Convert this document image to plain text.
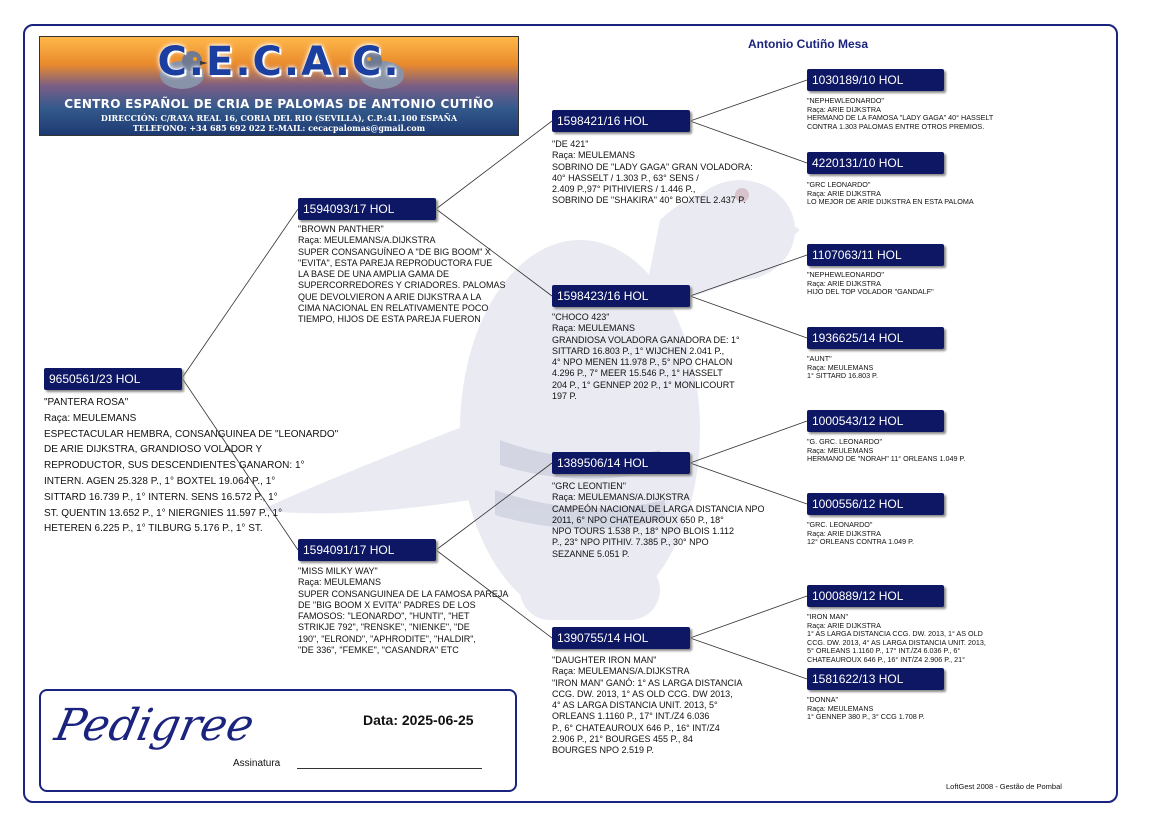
C.E.C.A.C.
CENTRO ESPAÑOL DE CRIA DE PALOMAS DE ANTONIO CUTIÑO
DIRECCIÓN: C/RAYA REAL 16, CORIA DEL RIO (SEVILLA), C.P.:41.100 ESPAÑA
TELEFONO: +34 685 692 022 E-MAIL: cecacpalomas@gmail.com
Antonio Cutiño Mesa
9650561/23 HOL
"PANTERA ROSA"
Raça: MEULEMANS
ESPECTACULAR HEMBRA, CONSANGUINEA DE "LEONARDO"
DE ARIE DIJKSTRA, GRANDIOSO VOLADOR Y
REPRODUCTOR, SUS DESCENDIENTES GANARON: 1°
INTERN. AGEN 25.328 P., 1° BOXTEL 19.064 P., 1°
SITTARD 16.739 P., 1° INTERN. SENS 16.572 P., 1°
ST. QUENTIN 13.652 P., 1° NIERGNIES 11.597 P., 1°
HETEREN 6.225 P., 1° TILBURG 5.176 P., 1° ST.
1594093/17 HOL
"BROWN PANTHER"
Raça: MEULEMANS/A.DIJKSTRA
SUPER CONSANGUÍNEO A "DE BIG BOOM" X
"EVITA", ESTA PAREJA REPRODUCTORA FUE
LA BASE DE UNA AMPLIA GAMA DE
SUPERCORREDORES Y CRIADORES. PALOMAS
QUE DEVOLVIERON A ARIE DIJKSTRA A LA
CIMA NACIONAL EN RELATIVAMENTE POCO
TIEMPO, HIJOS DE ESTA PAREJA FUERON
1594091/17 HOL
"MISS MILKY WAY"
Raça: MEULEMANS
SUPER CONSANGUINEA DE LA FAMOSA PAREJA
DE "BIG BOOM X EVITA" PADRES DE LOS
FAMOSOS: "LEONARDO", "HUNTI", "HET
STRIKJE 792", "RENSKE", "NIENKE", "DE
190", "ELROND", "APHRODITE", "HALDIR",
"DE 336", "FEMKE", "CASANDRA" ETC
1598421/16 HOL
"DE 421"
Raça: MEULEMANS
SOBRINO DE "LADY GAGA" GRAN VOLADORA:
40° HASSELT / 1.303 P., 63° SENS /
2.409 P.,97° PITHIVIERS / 1.446 P.,
SOBRINO DE "SHAKIRA" 40° BOXTEL 2.437 P.
1598423/16 HOL
"CHOCO 423"
Raça: MEULEMANS
GRANDIOSA VOLADORA GANADORA DE: 1°
SITTARD 16.803 P., 1° WIJCHEN 2.041 P.,
4° NPO MENEN 11.978 P., 5° NPO CHALON
4.296 P., 7° MEER 15.546 P., 1° HASSELT
204 P., 1° GENNEP 202 P., 1° MONLICOURT
197 P.
1389506/14 HOL
"GRC LEONTIEN"
Raça: MEULEMANS/A.DIJKSTRA
CAMPEÓN NACIONAL DE LARGA DISTANCIA NPO
2011, 6° NPO CHATEAUROUX 650 P., 18°
NPO TOURS 1.538 P., 18° NPO BLOIS 1.112
P., 23° NPO PITHIV. 7.385 P., 30° NPO
SEZANNE 5.051 P.
1390755/14 HOL
"DAUGHTER IRON MAN"
Raça: MEULEMANS/A.DIJKSTRA
"IRON MAN" GANÓ: 1° AS LARGA DISTANCIA
CCG. DW. 2013, 1° AS OLD CCG. DW 2013,
4° AS LARGA DISTANCIA UNIT. 2013, 5°
ORLEANS 1.1160 P., 17° INT./Z4 6.036
P., 6° CHATEAUROUX 646 P., 16° INT/Z4
2.906 P., 21° BOURGES 455 P., 84
BOURGES NPO 2.519 P.
1030189/10 HOL
"NEPHEWLEONARDO"
Raça: ARIE DIJKSTRA
HERMANO DE LA FAMOSA "LADY GAGA" 40° HASSELT
CONTRA 1.303 PALOMAS ENTRE OTROS PREMIOS.
4220131/10 HOL
"GRC LEONARDO"
Raça: ARIE DIJKSTRA
LO MEJOR DE ARIE DIJKSTRA EN ESTA PALOMA
1107063/11 HOL
"NEPHEWLEONARDO"
Raça: ARIE DIJKSTRA
HIJO DEL TOP VOLADOR "GANDALF"
1936625/14 HOL
"AUNT"
Raça: MEULEMANS
1° SITTARD 16.803 P.
1000543/12 HOL
"G. GRC. LEONARDO"
Raça: MEULEMANS
HERMANO DE "NORAH" 11° ORLEANS 1.049 P.
1000556/12 HOL
"GRC. LEONARDO"
Raça: ARIE DIJKSTRA
12° ORLEANS CONTRA 1.049 P.
1000889/12 HOL
"IRON MAN"
Raça: ARIE DIJKSTRA
1° AS LARGA DISTANCIA CCG. DW. 2013, 1° AS OLD
CCG. DW. 2013, 4° AS LARGA DISTANCIA UNIT. 2013,
5° ORLEANS 1.1160 P., 17° INT./Z4 6.036 P., 6°
CHATEAUROUX 646 P., 16° INT/Z4 2.906 P., 21°
1581622/13 HOL
"DONNA"
Raça: MEULEMANS
1° GENNEP 380 P., 3° CCG 1.708 P.
Pedigree	Data: 2025-06-25
Assinatura
LoftGest 2008 - Gestão de Pombal
